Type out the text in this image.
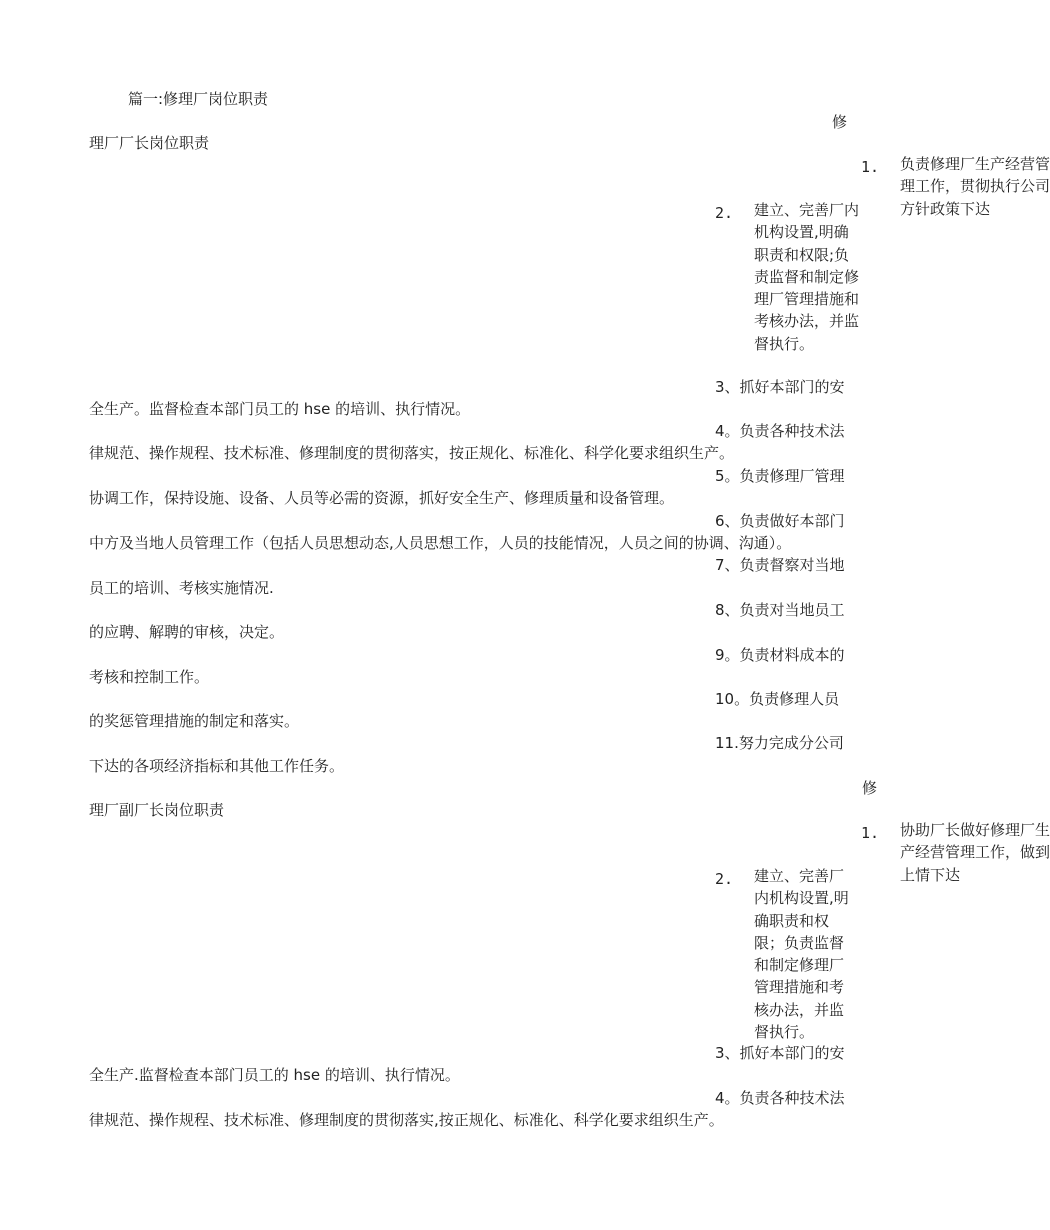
篇一:修理厂岗位职责
修
理厂厂长岗位职责
1. 负责修理厂生产经营管理工作，贯彻执行公司方针政策下达
2. 建立、完善厂内机构设置,明确职责和权限;负责监督和制定修理厂管理措施和考核办法，并监督执行。
3、抓好本部门的安
全生产。监督检查本部门员工的 hse 的培训、执行情况。
4。负责各种技术法
律规范、操作规程、技术标准、修理制度的贯彻落实，按正规化、标准化、科学化要求组织生产。
5。负责修理厂管理
协调工作，保持设施、设备、人员等必需的资源，抓好安全生产、修理质量和设备管理。
6、负责做好本部门
中方及当地人员管理工作（包括人员思想动态,人员思想工作，人员的技能情况，人员之间的协调、沟通）。
7、负责督察对当地
员工的培训、考核实施情况.
8、负责对当地员工
的应聘、解聘的审核，决定。
9。负责材料成本的
考核和控制工作。
10。负责修理人员
的奖惩管理措施的制定和落实。
11.努力完成分公司
下达的各项经济指标和其他工作任务。
修
理厂副厂长岗位职责
1. 协助厂长做好修理厂生产经营管理工作，做到上情下达
2. 建立、完善厂内机构设置,明确职责和权限；负责监督和制定修理厂管理措施和考核办法，并监督执行。
3、抓好本部门的安
全生产.监督检查本部门员工的 hse 的培训、执行情况。
4。负责各种技术法
律规范、操作规程、技术标准、修理制度的贯彻落实,按正规化、标准化、科学化要求组织生产。
